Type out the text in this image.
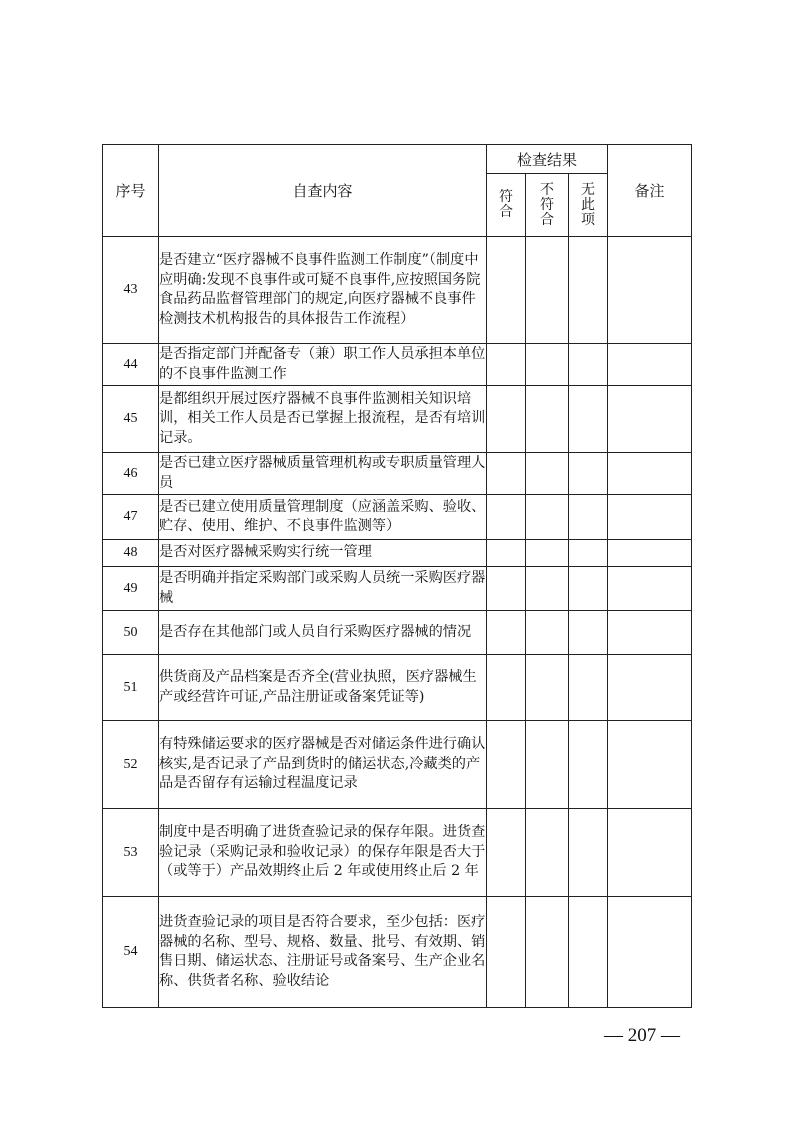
序号	自查内容	检查结果			备注
		符合	不符合	无此项	
43	是否建立“医疗器械不良事件监测工作制度”（制度中应明确:发现不良事件或可疑不良事件,应按照国务院食品药品监督管理部门的规定,向医疗器械不良事件检测技术机构报告的具体报告工作流程）				
44	是否指定部门并配备专（兼）职工作人员承担本单位的不良事件监测工作				
45	是都组织开展过医疗器械不良事件监测相关知识培训，相关工作人员是否已掌握上报流程，是否有培训记录。				
46	是否已建立医疗器械质量管理机构或专职质量管理人员				
47	是否已建立使用质量管理制度（应涵盖采购、验收、贮存、使用、维护、不良事件监测等）				
48	是否对医疗器械采购实行统一管理				
49	是否明确并指定采购部门或采购人员统一采购医疗器械				
50	是否存在其他部门或人员自行采购医疗器械的情况				
51	供货商及产品档案是否齐全(营业执照，医疗器械生产或经营许可证,产品注册证或备案凭证等)				
52	有特殊储运要求的医疗器械是否对储运条件进行确认核实,是否记录了产品到货时的储运状态,冷藏类的产品是否留存有运输过程温度记录				
53	制度中是否明确了进货查验记录的保存年限。进货查验记录（采购记录和验收记录）的保存年限是否大于（或等于）产品效期终止后 2 年或使用终止后 2 年				
54	进货查验记录的项目是否符合要求，至少包括：医疗器械的名称、型号、规格、数量、批号、有效期、销售日期、储运状态、注册证号或备案号、生产企业名称、供货者名称、验收结论				
— 207 —
